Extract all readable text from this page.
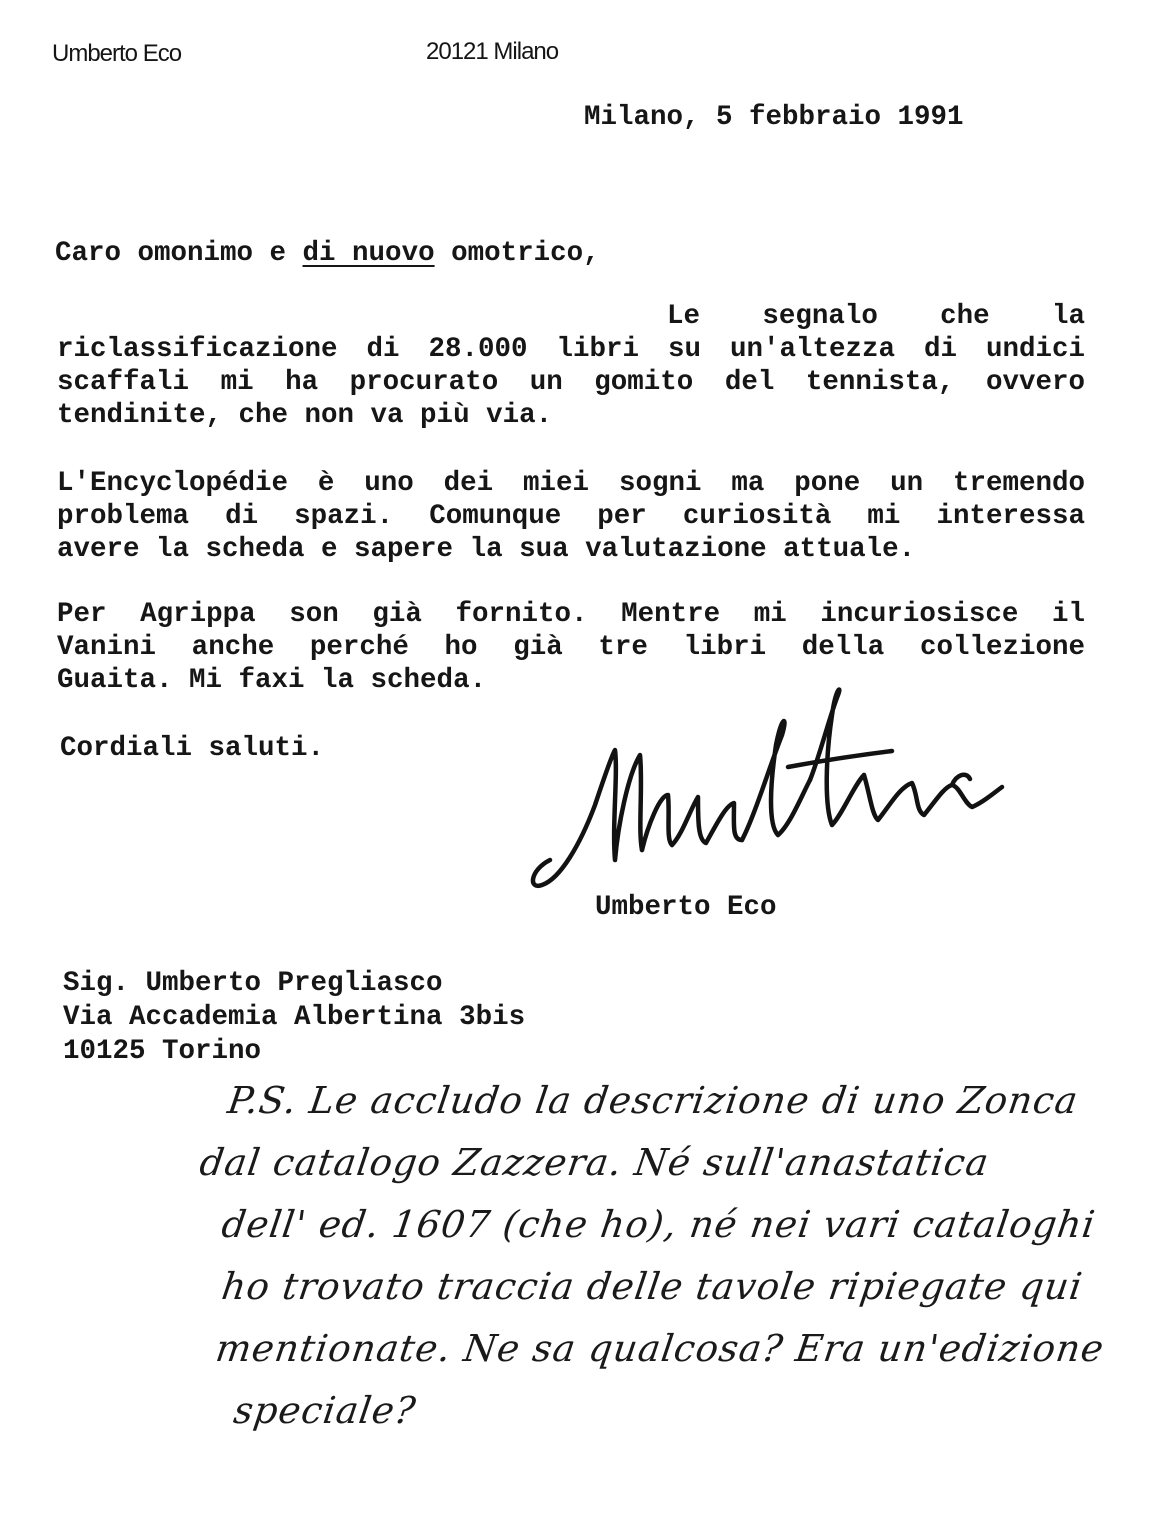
Umberto Eco	20121 Milano
Milano, 5 febbraio 1991
Caro omonimo e di nuovo omotrico,
Le segnalo che la
riclassificazione di 28.000 libri su un'altezza di undici
scaffali mi ha procurato un gomito del tennista, ovvero
tendinite, che non va più via.
L'Encyclopédie è uno dei miei sogni ma pone un tremendo
problema di spazi. Comunque per curiosità mi interessa
avere la scheda e sapere la sua valutazione attuale.
Per Agrippa son già fornito. Mentre mi incuriosisce il
Vanini anche perché ho già tre libri della collezione
Guaita. Mi faxi la scheda.
Cordiali saluti.
Umberto Eco
Umberto Eco
Sig. Umberto Pregliasco
Via Accademia Albertina 3bis
10125 Torino
P.S. Le accludo la descrizione di uno Zonca
dal catalogo Zazzera. Né sull'anastatica
dell' ed. 1607 (che ho), né nei vari cataloghi
ho trovato traccia delle tavole ripiegate qui
mentionate. Ne sa qualcosa? Era un'edizione
speciale?
